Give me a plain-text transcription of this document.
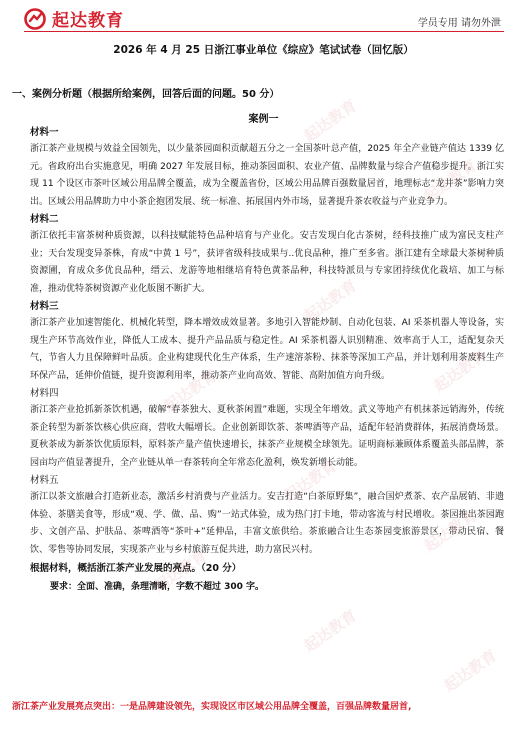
起达教育	学员专用 请勿外泄
2026 年 4 月 25 日浙江事业单位《综应》笔试试卷（回忆版）
一、案例分析题（根据所给案例，回答后面的问题。50 分）
案例一
材料一

浙江茶产业规模与效益全国领先，以少量茶园面积贡献超五分之一全国茶叶总产值，2025 年全产业链产值达 1339 亿元。省政府出台实施意见，明确 2027 年发展目标，推动茶园面积、农业产值、品牌数量与综合产值稳步提升。浙江实现 11 个设区市茶叶区域公用品牌全覆盖，成为全覆盖省份，区域公用品牌百强数量居首，地理标志“龙井茶”影响力突出。区域公用品牌助力中小茶企抱团发展、统一标准、拓展国内外市场，显著提升茶农收益与产业竞争力。

材料二

浙江依托丰富茶树种质资源，以科技赋能特色品种培育与产业化。安吉发现白化古茶树，经科技推广成为富民支柱产业；天台发现变异茶株，育成“中黄 1 号”，获评省级科技成果与..优良品种，推广至多省。浙江建有全球最大茶树种质资源圃，育成众多优良品种，缙云、龙游等地相继培育特色黄茶品种，科技特派员与专家团持续优化栽培、加工与标准，推动优特茶树资源产业化版图不断扩大。

材料三

浙江茶产业加速智能化、机械化转型，降本增效成效显著。多地引入智能炒制、自动化包装、AI 采茶机器人等设备，实现生产环节高效作业，降低人工成本、提升产品品质与稳定性。AI 采茶机器人识别精准、效率高于人工，适配复杂天气，节省人力且保障鲜叶品质。企业构建现代化生产体系，生产速溶茶粉、抹茶等深加工产品，并计划利用茶废料生产环保产品，延伸价值链，提升资源利用率，推动茶产业向高效、智能、高附加值方向升级。

材料四

浙江茶产业抢抓新茶饮机遇，破解“春茶独大、夏秋茶闲置”难题，实现全年增效。武义等地产有机抹茶远销海外，传统茶企转型为新茶饮核心供应商，营收大幅增长。企业创新即饮茶、茶啤酒等产品，适配年轻消费群体，拓展消费场景。夏秋茶成为新茶饮优质原料，原料茶产量产值快速增长，抹茶产业规模全球领先。证明商标兼顾体系覆盖头部品牌，茶园亩均产值显著提升，全产业链从单一春茶转向全年常态化盈利，焕发新增长动能。

材料五

浙江以茶文旅融合打造新业态，激活乡村消费与产业活力。安吉打造“白茶原野集”，融合国炉煮茶、农产品展销、非遗体验、茶膳美食等，形成“观、学、做、品、购”一站式体验，成为热门打卡地，带动客流与村民增收。茶园推出茶园跑步、文创产品、护肤品、茶啤酒等“茶叶+”延伸品，丰富文旅供给。茶旅融合让生态茶园变旅游景区，带动民宿、餐饮、零售等协同发展，实现茶产业与乡村旅游互促共进，助力富民兴村。

根据材料，概括浙江茶产业发展的亮点。（20 分）
要求：全面、准确，条理清晰，字数不超过 300 字。
浙江茶产业发展亮点突出：一是品牌建设领先，实现设区市区域公用品牌全覆盖，百强品牌数量居首,
起达教育
起达教育
起达教育
起达教育
起达教育
起达教育
起达教育
起达教育
起达教育
起达教育
